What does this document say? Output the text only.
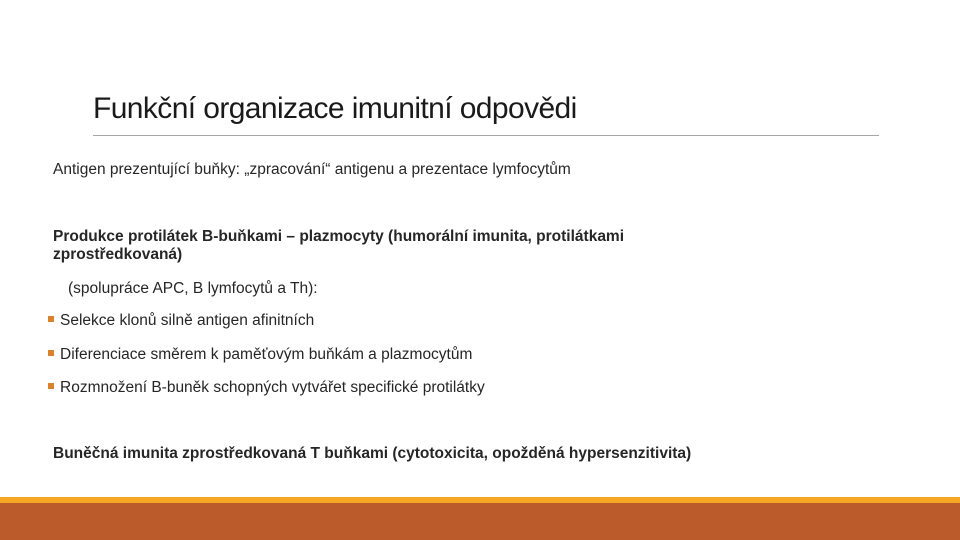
Funkční organizace imunitní odpovědi
Antigen prezentující buňky: „zpracování“ antigenu a prezentace lymfocytům
Produkce protilátek B-buňkami – plazmocyty (humorální imunita, protilátkami zprostředkovaná)
(spolupráce APC, B lymfocytů a Th):
Selekce klonů silně antigen afinitních
Diferenciace směrem k paměťovým buňkám a plazmocytům
Rozmnožení B-buněk schopných vytvářet specifické protilátky
Buněčná imunita zprostředkovaná T buňkami (cytotoxicita, opožděná hypersenzitivita)
